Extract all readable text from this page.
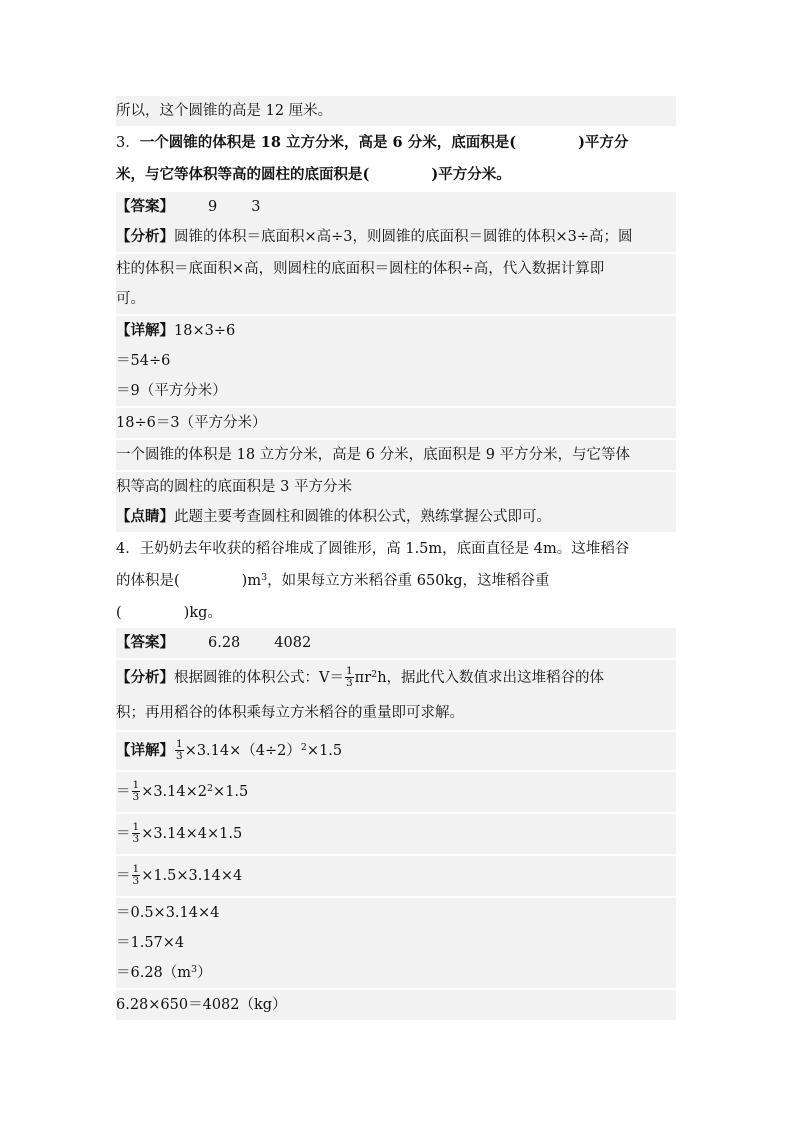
所以，这个圆锥的高是 12 厘米。
3．一个圆锥的体积是 18 立方分米，高是 6 分米，底面积是(	)平方分
米，与它等体积等高的圆柱的底面积是(	)平方分米。
【答案】 9 3
【分析】圆锥的体积＝底面积×高÷3，则圆锥的底面积＝圆锥的体积×3÷高；圆
柱的体积＝底面积×高，则圆柱的底面积＝圆柱的体积÷高，代入数据计算即
可。
【详解】18×3÷6
＝54÷6
＝9（平方分米）
18÷6＝3（平方分米）
一个圆锥的体积是 18 立方分米，高是 6 分米，底面积是 9 平方分米，与它等体
积等高的圆柱的底面积是 3 平方分米
【点睛】此题主要考查圆柱和圆锥的体积公式，熟练掌握公式即可。
4．王奶奶去年收获的稻谷堆成了圆锥形，高 1.5m，底面直径是 4m。这堆稻谷
的体积是(	)$m^3$，如果每立方米稻谷重 650kg，这堆稻谷重
(	)kg。
【答案】 6.28 4082
【分析】根据圆锥的体积公式：$V= \frac{1}{3} \pi r^2h$，据此代入数值求出这堆稻谷的体
积；再用稻谷的体积乘每立方米稻谷的重量即可求解。
【详解】 $\frac{1}{3} \times 3.14\times(4\div 2)^2\times 1.5$
＝ $\frac{1}{3} \times 3.14\times 2^2\times 1.5$
＝ $\frac{1}{3} \times 3.14\times 4\times 1.5$
＝ $\frac{1}{3} \times 1.5\times 3.14\times 4$
＝0.5×3.14×4
＝1.57×4
$=6.28(m^3)$
6.28×650＝4082（kg）
